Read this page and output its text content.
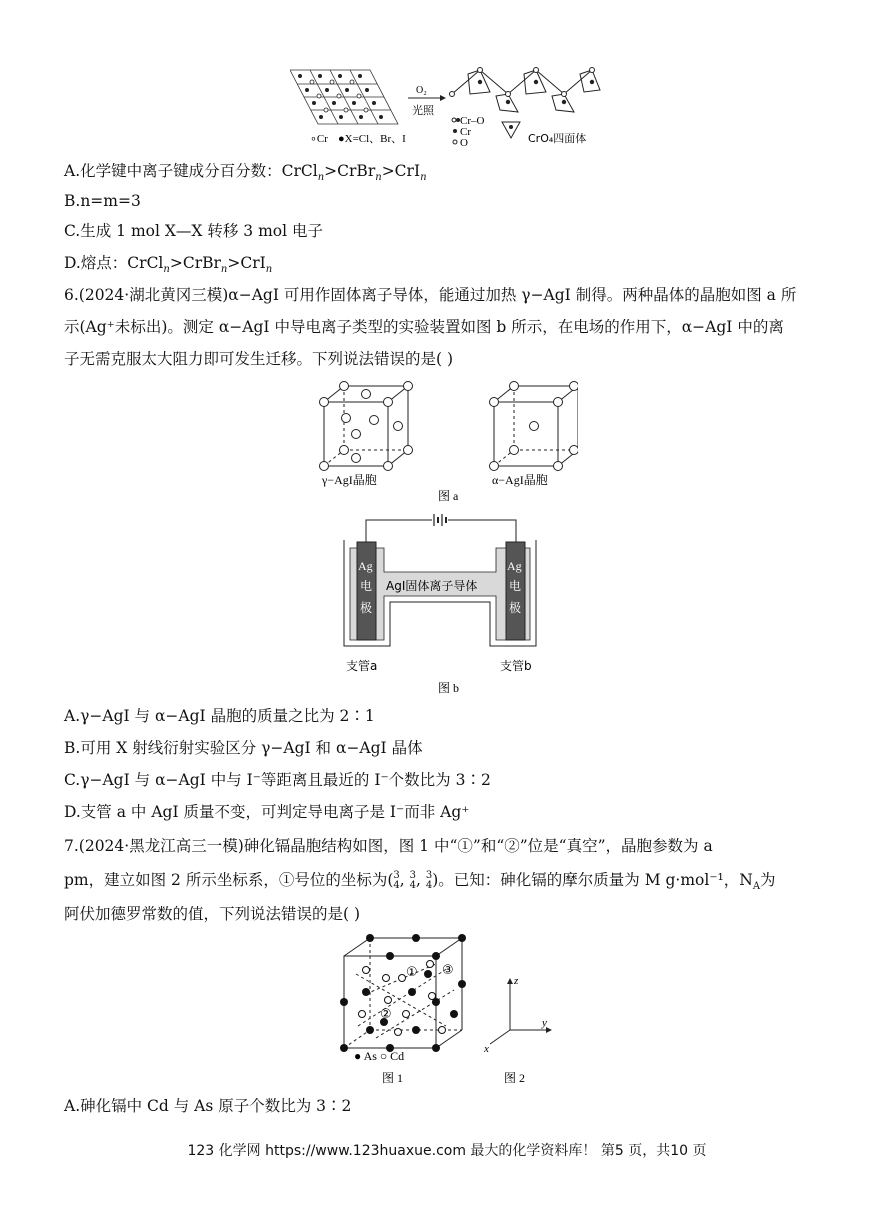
∘Cr ●X=Cl、Br、I
O₂
光照
Cr–O
Cr
O	CrO₄四面体
A.化学键中离子键成分百分数：CrCl$_n$>CrBr$_n$>CrI$_n$
B.n=m=3
C.生成 1 mol X—X 转移 3 mol 电子
D.熔点：CrCl$_n$>CrBr$_n$>CrI$_n$
6.(2024·湖北黄冈三模)α−AgI 可用作固体离子导体，能通过加热 γ−AgI 制得。两种晶体的晶胞如图 a 所
示(Ag⁺未标出)。测定 α−AgI 中导电离子类型的实验装置如图 b 所示，在电场的作用下，α−AgI 中的离
子无需克服太大阻力即可发生迁移。下列说法错误的是( )
γ−AgI晶胞	α−AgI晶胞
图 a
Ag
电
极
Ag
电
极
AgI固体离子导体
支管a	支管b
图 b
A.γ−AgI 与 α−AgI 晶胞的质量之比为 2∶1
B.可用 X 射线衍射实验区分 γ−AgI 和 α−AgI 晶体
C.γ−AgI 与 α−AgI 中与 I⁻等距离且最近的 I⁻个数比为 3∶2
D.支管 a 中 AgI 质量不变，可判定导电离子是 I⁻而非 Ag⁺
7.(2024·黑龙江高三一模)砷化镉晶胞结构如图，图 1 中“①”和“②”位是“真空”，晶胞参数为 a
pm，建立如图 2 所示坐标系，①号位的坐标为( 3
4 , 3
4 , 3
4 )。已知：砷化镉的摩尔质量为 M g·mol⁻¹，$N_A$为
阿伏加德罗常数的值，下列说法错误的是( )
①
②
③
● As ○ Cd
图 1
z
y
x
图 2
A.砷化镉中 Cd 与 As 原子个数比为 3∶2
123 化学网 https://www.123huaxue.com 最大的化学资料库！ 第5 页，共10 页
